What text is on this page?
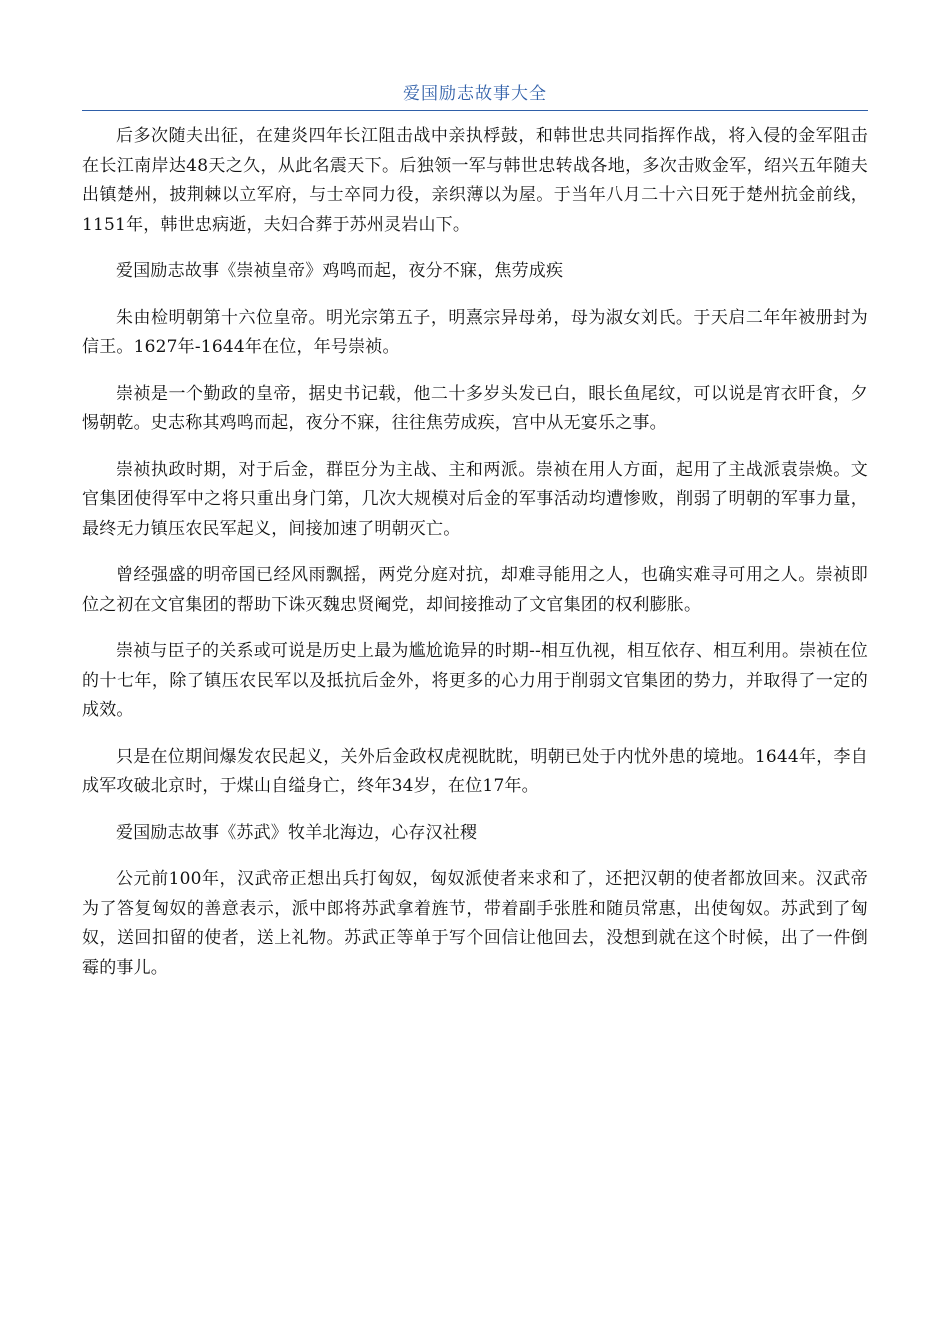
爱国励志故事大全

后多次随夫出征，在建炎四年长江阻击战中亲执桴鼓，和韩世忠共同指挥作战，将入侵的金军阻击在长江南岸达48天之久，从此名震天下。后独领一军与韩世忠转战各地，多次击败金军，绍兴五年随夫出镇楚州，披荆棘以立军府，与士卒同力役，亲织薄以为屋。于当年八月二十六日死于楚州抗金前线，1151年，韩世忠病逝，夫妇合葬于苏州灵岩山下。

爱国励志故事《崇祯皇帝》鸡鸣而起，夜分不寐，焦劳成疾

朱由检明朝第十六位皇帝。明光宗第五子，明熹宗异母弟，母为淑女刘氏。于天启二年年被册封为信王。1627年-1644年在位，年号崇祯。

崇祯是一个勤政的皇帝，据史书记载，他二十多岁头发已白，眼长鱼尾纹，可以说是宵衣旰食，夕惕朝乾。史志称其鸡鸣而起，夜分不寐，往往焦劳成疾，宫中从无宴乐之事。

崇祯执政时期，对于后金，群臣分为主战、主和两派。崇祯在用人方面，起用了主战派袁崇焕。文官集团使得军中之将只重出身门第，几次大规模对后金的军事活动均遭惨败，削弱了明朝的军事力量，最终无力镇压农民军起义，间接加速了明朝灭亡。

曾经强盛的明帝国已经风雨飘摇，两党分庭对抗，却难寻能用之人，也确实难寻可用之人。崇祯即位之初在文官集团的帮助下诛灭魏忠贤阉党，却间接推动了文官集团的权利膨胀。

崇祯与臣子的关系或可说是历史上最为尴尬诡异的时期--相互仇视，相互依存、相互利用。崇祯在位的十七年，除了镇压农民军以及抵抗后金外，将更多的心力用于削弱文官集团的势力，并取得了一定的成效。

只是在位期间爆发农民起义，关外后金政权虎视眈眈，明朝已处于内忧外患的境地。1644年，李自成军攻破北京时，于煤山自缢身亡，终年34岁，在位17年。

爱国励志故事《苏武》牧羊北海边，心存汉社稷

公元前100年，汉武帝正想出兵打匈奴，匈奴派使者来求和了，还把汉朝的使者都放回来。汉武帝为了答复匈奴的善意表示，派中郎将苏武拿着旌节，带着副手张胜和随员常惠，出使匈奴。苏武到了匈奴，送回扣留的使者，送上礼物。苏武正等单于写个回信让他回去，没想到就在这个时候，出了一件倒霉的事儿。
